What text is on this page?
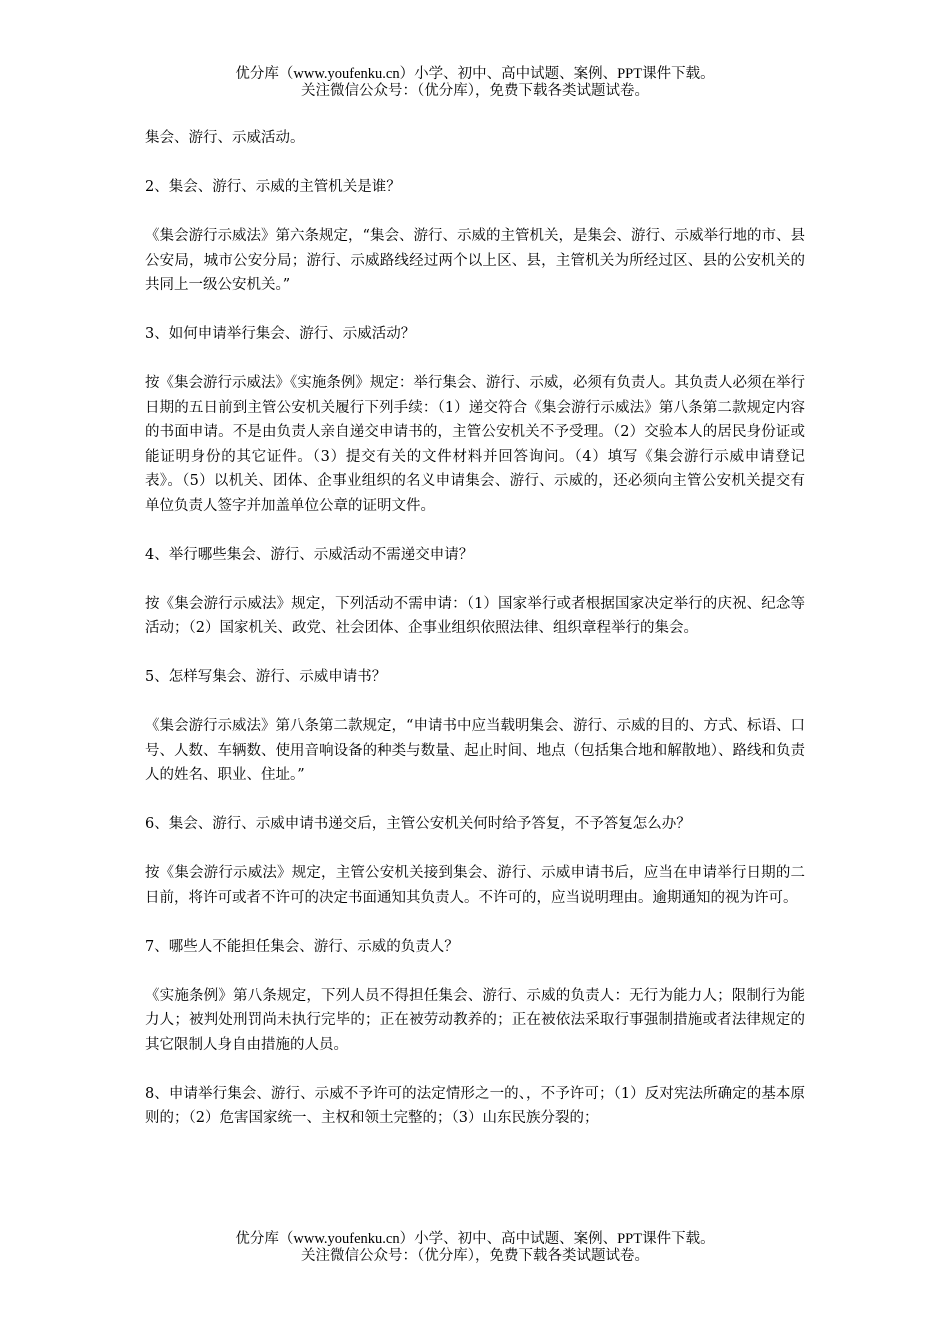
优分库（www.youfenku.cn）小学、初中、高中试题、案例、PPT课件下载。
关注微信公众号：（优分库），免费下载各类试题试卷。

集会、游行、示威活动。

2、集会、游行、示威的主管机关是谁？

《集会游行示威法》第六条规定，“集会、游行、示威的主管机关，是集会、游行、示威举行地的市、县公安局，城市公安分局；游行、示威路线经过两个以上区、县，主管机关为所经过区、县的公安机关的共同上一级公安机关。”

3、如何申请举行集会、游行、示威活动？

按《集会游行示威法》《实施条例》规定：举行集会、游行、示威，必须有负责人。其负责人必须在举行日期的五日前到主管公安机关履行下列手续：（1）递交符合《集会游行示威法》第八条第二款规定内容的书面申请。不是由负责人亲自递交申请书的，主管公安机关不予受理。（2）交验本人的居民身份证或能证明身份的其它证件。（3）提交有关的文件材料并回答询问。（4）填写《集会游行示威申请登记表》。（5）以机关、团体、企事业组织的名义申请集会、游行、示威的，还必须向主管公安机关提交有单位负责人签字并加盖单位公章的证明文件。

4、举行哪些集会、游行、示威活动不需递交申请？

按《集会游行示威法》规定，下列活动不需申请：（1）国家举行或者根据国家决定举行的庆祝、纪念等活动；（2）国家机关、政党、社会团体、企事业组织依照法律、组织章程举行的集会。

5、怎样写集会、游行、示威申请书？

《集会游行示威法》第八条第二款规定，“申请书中应当载明集会、游行、示威的目的、方式、标语、口号、人数、车辆数、使用音响设备的种类与数量、起止时间、地点（包括集合地和解散地）、路线和负责人的姓名、职业、住址。”

6、集会、游行、示威申请书递交后，主管公安机关何时给予答复，不予答复怎么办？

按《集会游行示威法》规定，主管公安机关接到集会、游行、示威申请书后，应当在申请举行日期的二日前，将许可或者不许可的决定书面通知其负责人。不许可的，应当说明理由。逾期通知的视为许可。

7、哪些人不能担任集会、游行、示威的负责人？

《实施条例》第八条规定，下列人员不得担任集会、游行、示威的负责人：无行为能力人；限制行为能力人；被判处刑罚尚未执行完毕的；正在被劳动教养的；正在被依法采取行事强制措施或者法律规定的其它限制人身自由措施的人员。

8、申请举行集会、游行、示威不予许可的法定情形之一的、，不予许可；（1）反对宪法所确定的基本原则的；（2）危害国家统一、主权和领土完整的；（3）山东民族分裂的；

优分库（www.youfenku.cn）小学、初中、高中试题、案例、PPT课件下载。
关注微信公众号：（优分库），免费下载各类试题试卷。
